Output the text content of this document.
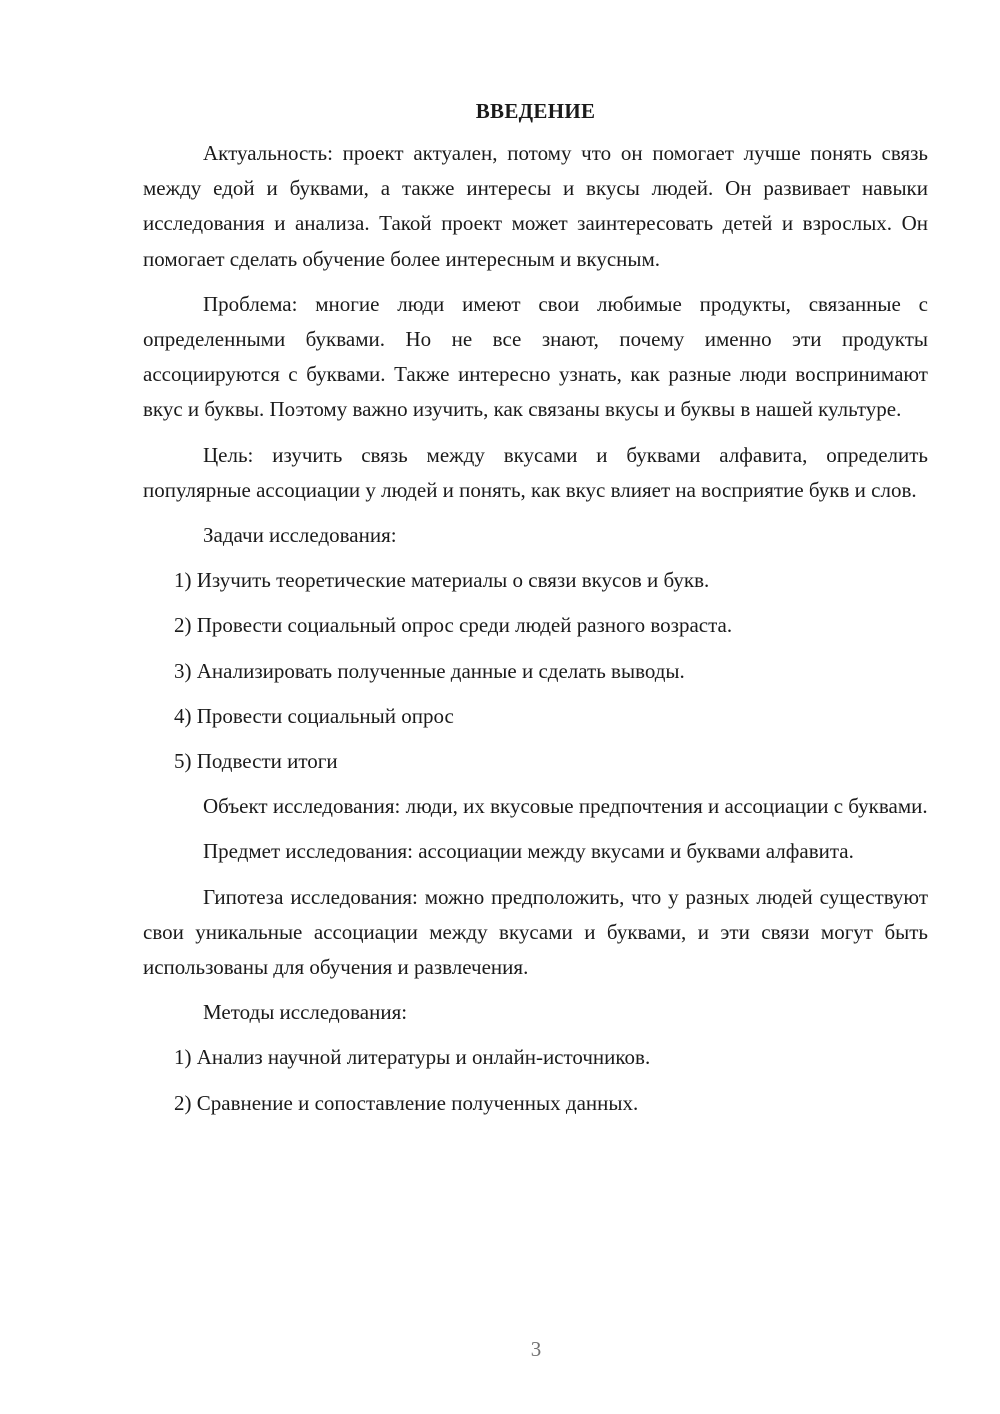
ВВЕДЕНИЕ

Актуальность: проект актуален, потому что он помогает лучше понять связь между едой и буквами, а также интересы и вкусы людей. Он развивает навыки исследования и анализа. Такой проект может заинтересовать детей и взрослых. Он помогает сделать обучение более интересным и вкусным.

Проблема: многие люди имеют свои любимые продукты, связанные с определенными буквами. Но не все знают, почему именно эти продукты ассоциируются с буквами. Также интересно узнать, как разные люди воспринимают вкус и буквы. Поэтому важно изучить, как связаны вкусы и буквы в нашей культуре.

Цель: изучить связь между вкусами и буквами алфавита, определить популярные ассоциации у людей и понять, как вкус влияет на восприятие букв и слов.

Задачи исследования:

1) Изучить теоретические материалы о связи вкусов и букв.

2) Провести социальный опрос среди людей разного возраста.

3) Анализировать полученные данные и сделать выводы.

4) Провести социальный опрос

5) Подвести итоги

Объект исследования: люди, их вкусовые предпочтения и ассоциации с буквами.

Предмет исследования: ассоциации между вкусами и буквами алфавита.

Гипотеза исследования: можно предположить, что у разных людей существуют свои уникальные ассоциации между вкусами и буквами, и эти связи могут быть использованы для обучения и развлечения.

Методы исследования:

1) Анализ научной литературы и онлайн-источников.

2) Сравнение и сопоставление полученных данных.

3
